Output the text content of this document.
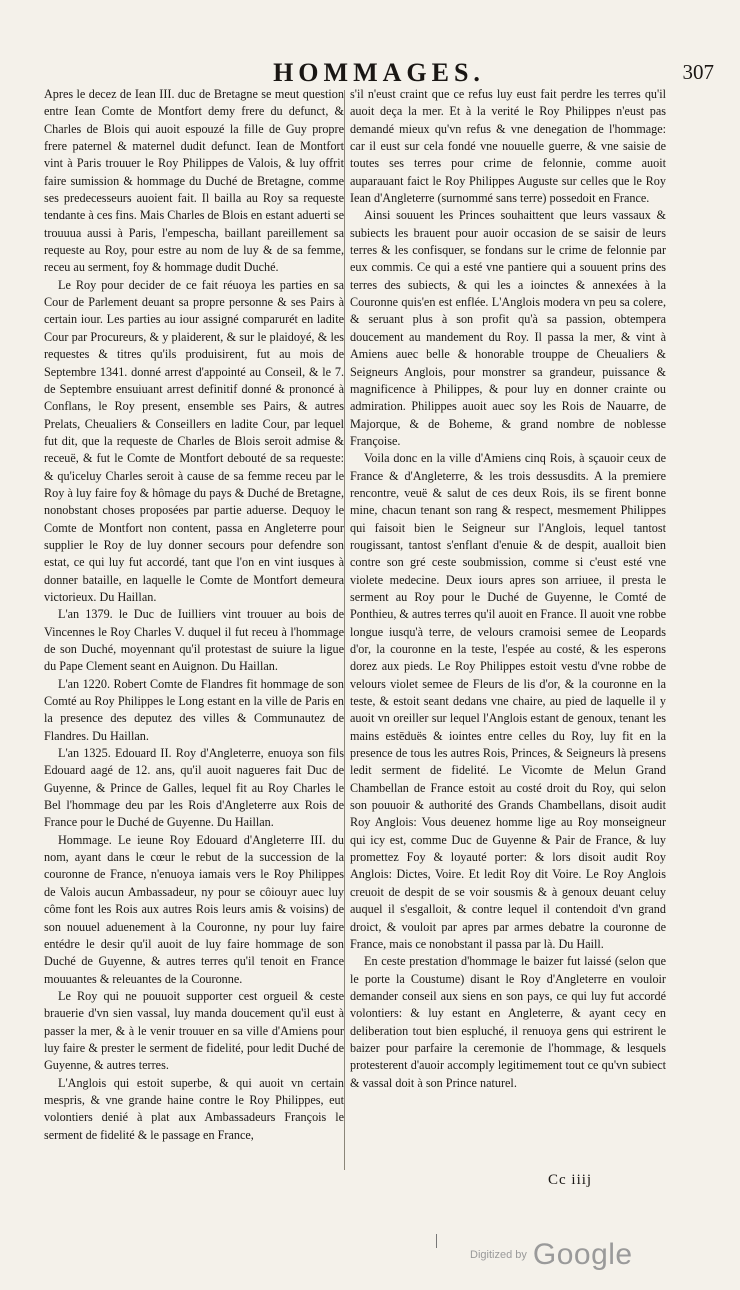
HOMMAGES.	307

Apres le decez de Iean III. duc de Bretagne se meut question entre Iean Comte de Montfort demy frere du defunct, & Charles de Blois qui auoit espouzé la fille de Guy propre frere paternel & maternel dudit defunct. Iean de Montfort vint à Paris trouuer le Roy Philippes de Valois, & luy offrit faire sumission & hommage du Duché de Bretagne, comme ses predecesseurs auoient fait. Il bailla au Roy sa requeste tendante à ces fins. Mais Charles de Blois en estant aduerti se trouuua aussi à Paris, l'empescha, baillant pareillement sa requeste au Roy, pour estre au nom de luy & de sa femme, receu au serment, foy & hommage dudit Duché.

Le Roy pour decider de ce fait réuoya les parties en sa Cour de Parlement deuant sa propre personne & ses Pairs à certain iour. Les parties au iour assigné comparurét en ladite Cour par Procureurs, & y plaiderent, & sur le plaidoyé, & les requestes & titres qu'ils produisirent, fut au mois de Septembre 1341. donné arrest d'appointé au Conseil, & le 7. de Septembre ensuiuant arrest definitif donné & prononcé à Conflans, le Roy present, ensemble ses Pairs, & autres Prelats, Cheualiers & Conseillers en ladite Cour, par lequel fut dit, que la requeste de Charles de Blois seroit admise & receuë, & fut le Comte de Montfort debouté de sa requeste: & qu'iceluy Charles seroit à cause de sa femme receu par le Roy à luy faire foy & hômage du pays & Duché de Bretagne, nonobstant choses proposées par partie aduerse. Dequoy le Comte de Montfort non content, passa en Angleterre pour supplier le Roy de luy donner secours pour defendre son estat, ce qui luy fut accordé, tant que l'on en vint iusques à donner bataille, en laquelle le Comte de Montfort demeura victorieux. Du Haillan.

L'an 1379. le Duc de Iuilliers vint trouuer au bois de Vincennes le Roy Charles V. duquel il fut receu à l'hommage de son Duché, moyennant qu'il protestast de suiure la ligue du Pape Clement seant en Auignon. Du Haillan.

L'an 1220. Robert Comte de Flandres fit hommage de son Comté au Roy Philippes le Long estant en la ville de Paris en la presence des deputez des villes & Communautez de Flandres. Du Haillan.

L'an 1325. Edouard II. Roy d'Angleterre, enuoya son fils Edouard aagé de 12. ans, qu'il auoit nagueres fait Duc de Guyenne, & Prince de Galles, lequel fit au Roy Charles le Bel l'hommage deu par les Rois d'Angleterre aux Rois de France pour le Duché de Guyenne. Du Haillan.

Hommage. Le ieune Roy Edouard d'Angleterre III. du nom, ayant dans le cœur le rebut de la succession de la couronne de France, n'enuoya iamais vers le Roy Philippes de Valois aucun Ambassadeur, ny pour se côiouyr auec luy côme font les Rois aux autres Rois leurs amis & voisins) de son nouuel aduenement à la Couronne, ny pour luy faire entédre le desir qu'il auoit de luy faire hommage de son Duché de Guyenne, & autres terres qu'il tenoit en France mouuantes & releuantes de la Couronne.

Le Roy qui ne pouuoit supporter cest orgueil & ceste brauerie d'vn sien vassal, luy manda doucement qu'il eust à passer la mer, & à le venir trouuer en sa ville d'Amiens pour luy faire & prester le serment de fidelité, pour ledit Duché de Guyenne, & autres terres.

L'Anglois qui estoit superbe, & qui auoit vn certain mespris, & vne grande haine contre le Roy Philippes, eut volontiers denié à plat aux Ambassadeurs François le serment de fidelité & le passage en France,

s'il n'eust craint que ce refus luy eust fait perdre les terres qu'il auoit deça la mer. Et à la verité le Roy Philippes n'eust pas demandé mieux qu'vn refus & vne denegation de l'hommage: car il eust sur cela fondé vne nouuelle guerre, & vne saisie de toutes ses terres pour crime de felonnie, comme auoit auparauant faict le Roy Philippes Auguste sur celles que le Roy Iean d'Angleterre (surnommé sans terre) possedoit en France.

Ainsi souuent les Princes souhaittent que leurs vassaux & subiects les brauent pour auoir occasion de se saisir de leurs terres & les confisquer, se fondans sur le crime de felonnie par eux commis. Ce qui a esté vne pantiere qui a souuent prins des terres des subiects, & qui les a ioinctes & annexées à la Couronne quis'en est enflée. L'Anglois modera vn peu sa colere, & seruant plus à son profit qu'à sa passion, obtempera doucement au mandement du Roy. Il passa la mer, & vint à Amiens auec belle & honorable trouppe de Cheualiers & Seigneurs Anglois, pour monstrer sa grandeur, puissance & magnificence à Philippes, & pour luy en donner crainte ou admiration. Philippes auoit auec soy les Rois de Nauarre, de Majorque, & de Boheme, & grand nombre de noblesse Françoise.

Voila donc en la ville d'Amiens cinq Rois, à sçauoir ceux de France & d'Angleterre, & les trois dessusdits. A la premiere rencontre, veuë & salut de ces deux Rois, ils se firent bonne mine, chacun tenant son rang & respect, mesmement Philippes qui faisoit bien le Seigneur sur l'Anglois, lequel tantost rougissant, tantost s'enflant d'enuie & de despit, aualloit bien contre son gré ceste soubmission, comme si c'eust esté vne violete medecine. Deux iours apres son arriuee, il presta le serment au Roy pour le Duché de Guyenne, le Comté de Ponthieu, & autres terres qu'il auoit en France. Il auoit vne robbe longue iusqu'à terre, de velours cramoisi semee de Leopards d'or, la couronne en la teste, l'espée au costé, & les esperons dorez aux pieds. Le Roy Philippes estoit vestu d'vne robbe de velours violet semee de Fleurs de lis d'or, & la couronne en la teste, & estoit seant dedans vne chaire, au pied de laquelle il y auoit vn oreiller sur lequel l'Anglois estant de genoux, tenant les mains estēduës & iointes entre celles du Roy, luy fit en la presence de tous les autres Rois, Princes, & Seigneurs là presens ledit serment de fidelité. Le Vicomte de Melun Grand Chambellan de France estoit au costé droit du Roy, qui selon son pouuoir & authorité des Grands Chambellans, disoit audit Roy Anglois: Vous deuenez homme lige au Roy monseigneur qui icy est, comme Duc de Guyenne & Pair de France, & luy promettez Foy & loyauté porter: & lors disoit audit Roy Anglois: Dictes, Voire. Et ledit Roy dit Voire. Le Roy Anglois creuoit de despit de se voir sousmis & à genoux deuant celuy auquel il s'esgalloit, & contre lequel il contendoit d'vn grand droict, & vouloit par apres par armes debatre la couronne de France, mais ce nonobstant il passa par là. Du Haill.

En ceste prestation d'hommage le baizer fut laissé (selon que le porte la Coustume) disant le Roy d'Angleterre en vouloir demander conseil aux siens en son pays, ce qui luy fut accordé volontiers: & luy estant en Angleterre, & ayant cecy en deliberation tout bien espluché, il renuoya gens qui estrirent le baizer pour parfaire la ceremonie de l'hommage, & lesquels protesterent d'auoir accomply legitimement tout ce qu'vn subiect & vassal doit à son Prince naturel.

Cc iiij
Digitized by Google
